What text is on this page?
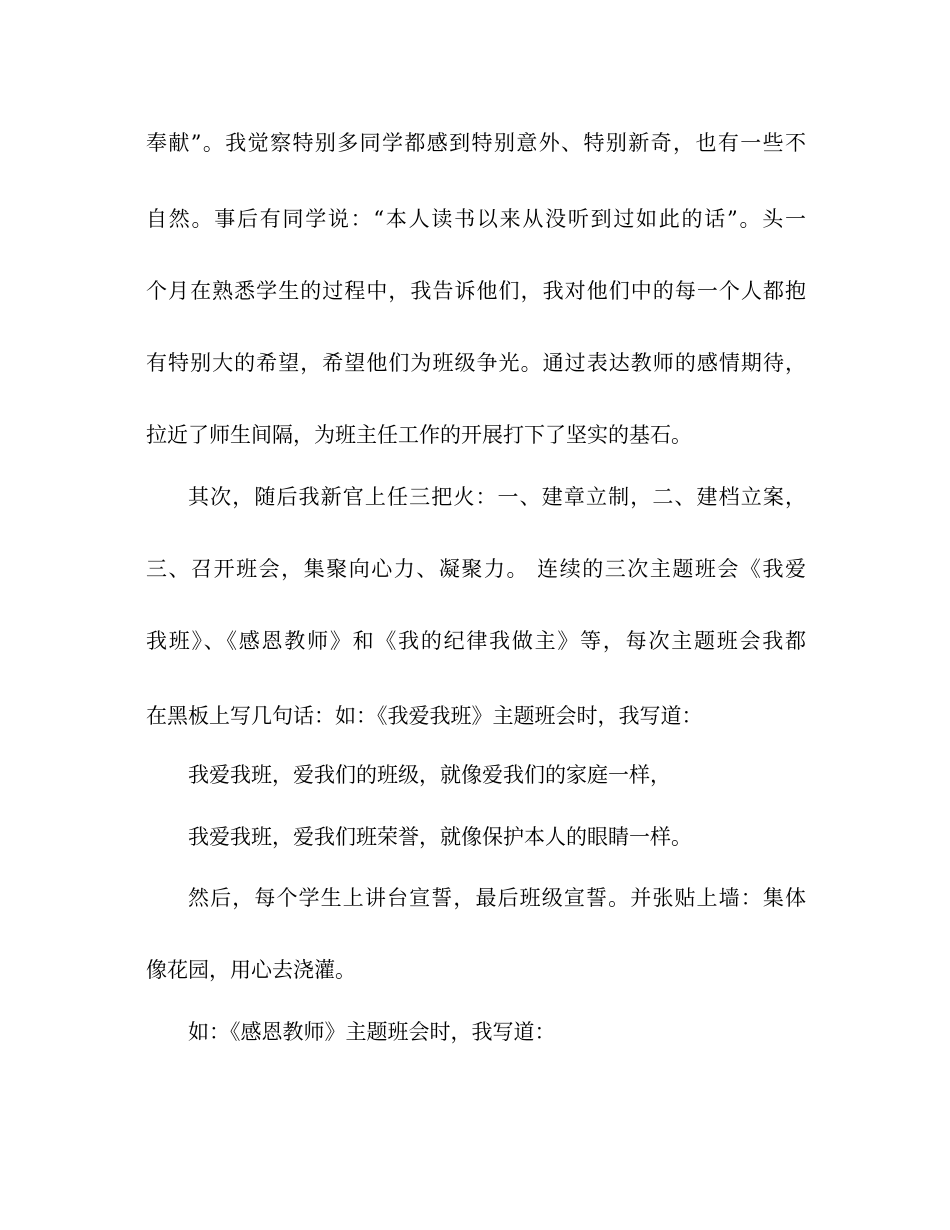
奉献”。我觉察特别多同学都感到特别意外、特别新奇，也有一些不
自然。事后有同学说：“本人读书以来从没听到过如此的话”。头一
个月在熟悉学生的过程中，我告诉他们，我对他们中的每一个人都抱
有特别大的希望，希望他们为班级争光。通过表达教师的感情期待，
拉近了师生间隔，为班主任工作的开展打下了坚实的基石。
其次，随后我新官上任三把火：一、建章立制，二、建档立案，
三、召开班会，集聚向心力、凝聚力。 连续的三次主题班会《我爱
我班》、《感恩教师》和《我的纪律我做主》等，每次主题班会我都
在黑板上写几句话：如：《我爱我班》主题班会时，我写道：
我爱我班，爱我们的班级，就像爱我们的家庭一样，
我爱我班，爱我们班荣誉，就像保护本人的眼睛一样。
然后，每个学生上讲台宣誓，最后班级宣誓。并张贴上墙：集体
像花园，用心去浇灌。
如：《感恩教师》主题班会时，我写道：
